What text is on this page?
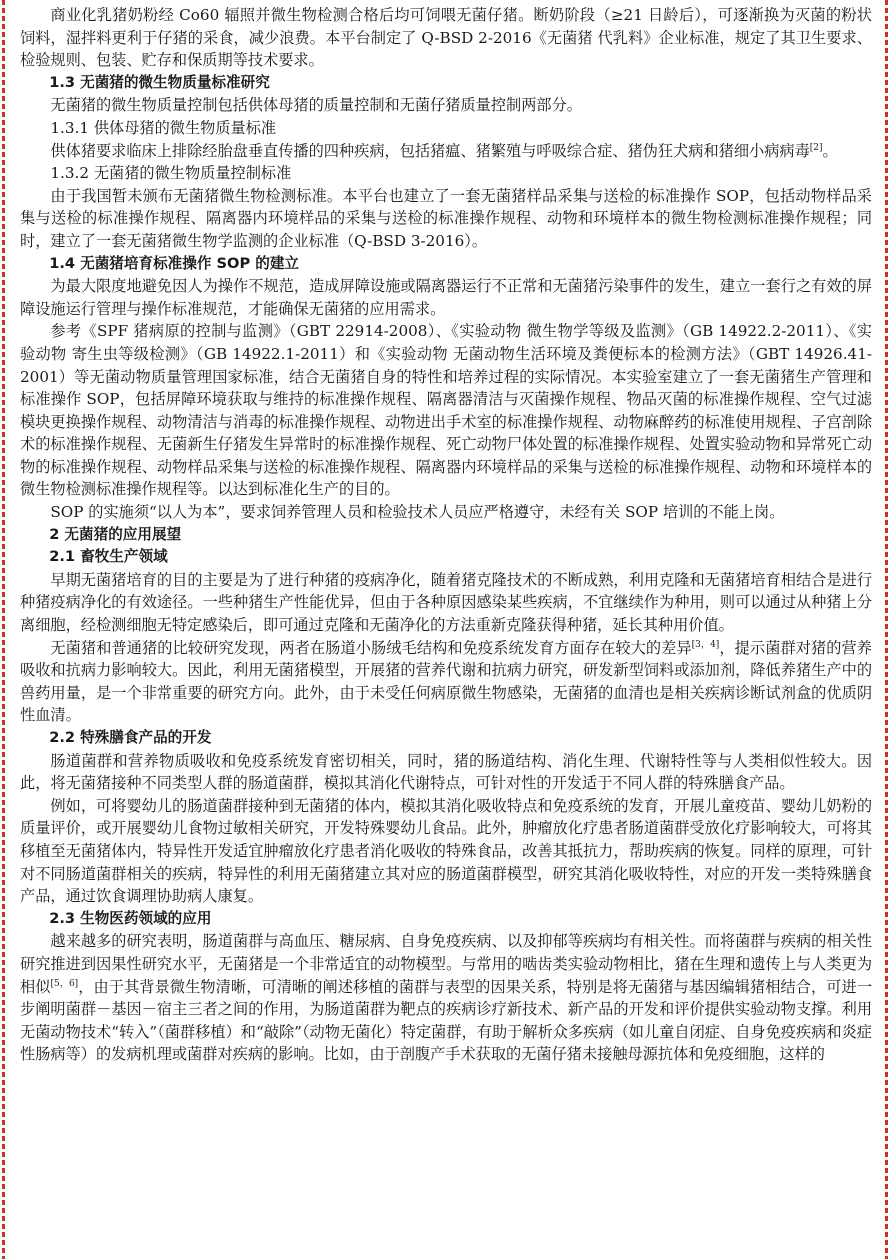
商业化乳猪奶粉经 Co60 辐照并微生物检测合格后均可饲喂无菌仔猪。断奶阶段（≥21 日龄后），可逐渐换为灭菌的粉状饲料，湿拌料更利于仔猪的采食，减少浪费。本平台制定了 Q-BSD 2-2016《无菌猪 代乳料》企业标准，规定了其卫生要求、检验规则、包装、贮存和保质期等技术要求。

1.3 无菌猪的微生物质量标准研究

无菌猪的微生物质量控制包括供体母猪的质量控制和无菌仔猪质量控制两部分。

1.3.1 供体母猪的微生物质量标准

供体猪要求临床上排除经胎盘垂直传播的四种疾病，包括猪瘟、猪繁殖与呼吸综合症、猪伪狂犬病和猪细小病病毒[2]。

1.3.2 无菌猪的微生物质量控制标准

由于我国暂未颁布无菌猪微生物检测标准。本平台也建立了一套无菌猪样品采集与送检的标准操作 SOP，包括动物样品采集与送检的标准操作规程、隔离器内环境样品的采集与送检的标准操作规程、动物和环境样本的微生物检测标准操作规程；同时，建立了一套无菌猪微生物学监测的企业标准（Q-BSD 3-2016）。

1.4 无菌猪培育标准操作 SOP 的建立

为最大限度地避免因人为操作不规范，造成屏障设施或隔离器运行不正常和无菌猪污染事件的发生，建立一套行之有效的屏障设施运行管理与操作标准规范，才能确保无菌猪的应用需求。

参考《SPF 猪病原的控制与监测》（GBT 22914-2008）、《实验动物 微生物学等级及监测》（GB 14922.2-2011）、《实验动物 寄生虫等级检测》（GB 14922.1-2011）和《实验动物 无菌动物生活环境及粪便标本的检测方法》（GBT 14926.41-2001）等无菌动物质量管理国家标准，结合无菌猪自身的特性和培养过程的实际情况。本实验室建立了一套无菌猪生产管理和标准操作 SOP，包括屏障环境获取与维持的标准操作规程、隔离器清洁与灭菌操作规程、物品灭菌的标准操作规程、空气过滤模块更换操作规程、动物清洁与消毒的标准操作规程、动物进出手术室的标准操作规程、动物麻醉药的标准使用规程、子宫剖除术的标准操作规程、无菌新生仔猪发生异常时的标准操作规程、死亡动物尸体处置的标准操作规程、处置实验动物和异常死亡动物的标准操作规程、动物样品采集与送检的标准操作规程、隔离器内环境样品的采集与送检的标准操作规程、动物和环境样本的微生物检测标准操作规程等。以达到标准化生产的目的。

SOP 的实施须“以人为本”，要求饲养管理人员和检验技术人员应严格遵守，未经有关 SOP 培训的不能上岗。

2 无菌猪的应用展望
2.1 畜牧生产领域

早期无菌猪培育的目的主要是为了进行种猪的疫病净化，随着猪克隆技术的不断成熟，利用克隆和无菌猪培育相结合是进行种猪疫病净化的有效途径。一些种猪生产性能优异，但由于各种原因感染某些疾病，不宜继续作为种用，则可以通过从种猪上分离细胞，经检测细胞无特定感染后，即可通过克隆和无菌净化的方法重新克隆获得种猪，延长其种用价值。

无菌猪和普通猪的比较研究发现，两者在肠道小肠绒毛结构和免疫系统发育方面存在较大的差异[3，4]，提示菌群对猪的营养吸收和抗病力影响较大。因此，利用无菌猪模型，开展猪的营养代谢和抗病力研究，研发新型饲料或添加剂，降低养猪生产中的兽药用量，是一个非常重要的研究方向。此外，由于未受任何病原微生物感染，无菌猪的血清也是相关疾病诊断试剂盒的优质阴性血清。

2.2 特殊膳食产品的开发

肠道菌群和营养物质吸收和免疫系统发育密切相关，同时，猪的肠道结构、消化生理、代谢特性等与人类相似性较大。因此，将无菌猪接种不同类型人群的肠道菌群，模拟其消化代谢特点，可针对性的开发适于不同人群的特殊膳食产品。

例如，可将婴幼儿的肠道菌群接种到无菌猪的体内，模拟其消化吸收特点和免疫系统的发育，开展儿童疫苗、婴幼儿奶粉的质量评价，或开展婴幼儿食物过敏相关研究，开发特殊婴幼儿食品。此外，肿瘤放化疗患者肠道菌群受放化疗影响较大，可将其移植至无菌猪体内，特异性开发适宜肿瘤放化疗患者消化吸收的特殊食品，改善其抵抗力，帮助疾病的恢复。同样的原理，可针对不同肠道菌群相关的疾病，特异性的利用无菌猪建立其对应的肠道菌群模型，研究其消化吸收特性，对应的开发一类特殊膳食产品，通过饮食调理协助病人康复。

2.3 生物医药领域的应用

越来越多的研究表明，肠道菌群与高血压、糖尿病、自身免疫疾病、以及抑郁等疾病均有相关性。而将菌群与疾病的相关性研究推进到因果性研究水平，无菌猪是一个非常适宜的动物模型。与常用的啮齿类实验动物相比，猪在生理和遗传上与人类更为相似[5，6]，由于其背景微生物清晰，可清晰的阐述移植的菌群与表型的因果关系，特别是将无菌猪与基因编辑猪相结合，可进一步阐明菌群－基因－宿主三者之间的作用，为肠道菌群为靶点的疾病诊疗新技术、新产品的开发和评价提供实验动物支撑。利用无菌动物技术“转入”（菌群移植）和“敲除”（动物无菌化）特定菌群，有助于解析众多疾病（如儿童自闭症、自身免疫疾病和炎症性肠病等）的发病机理或菌群对疾病的影响。比如，由于剖腹产手术获取的无菌仔猪未接触母源抗体和免疫细胞，这样的
